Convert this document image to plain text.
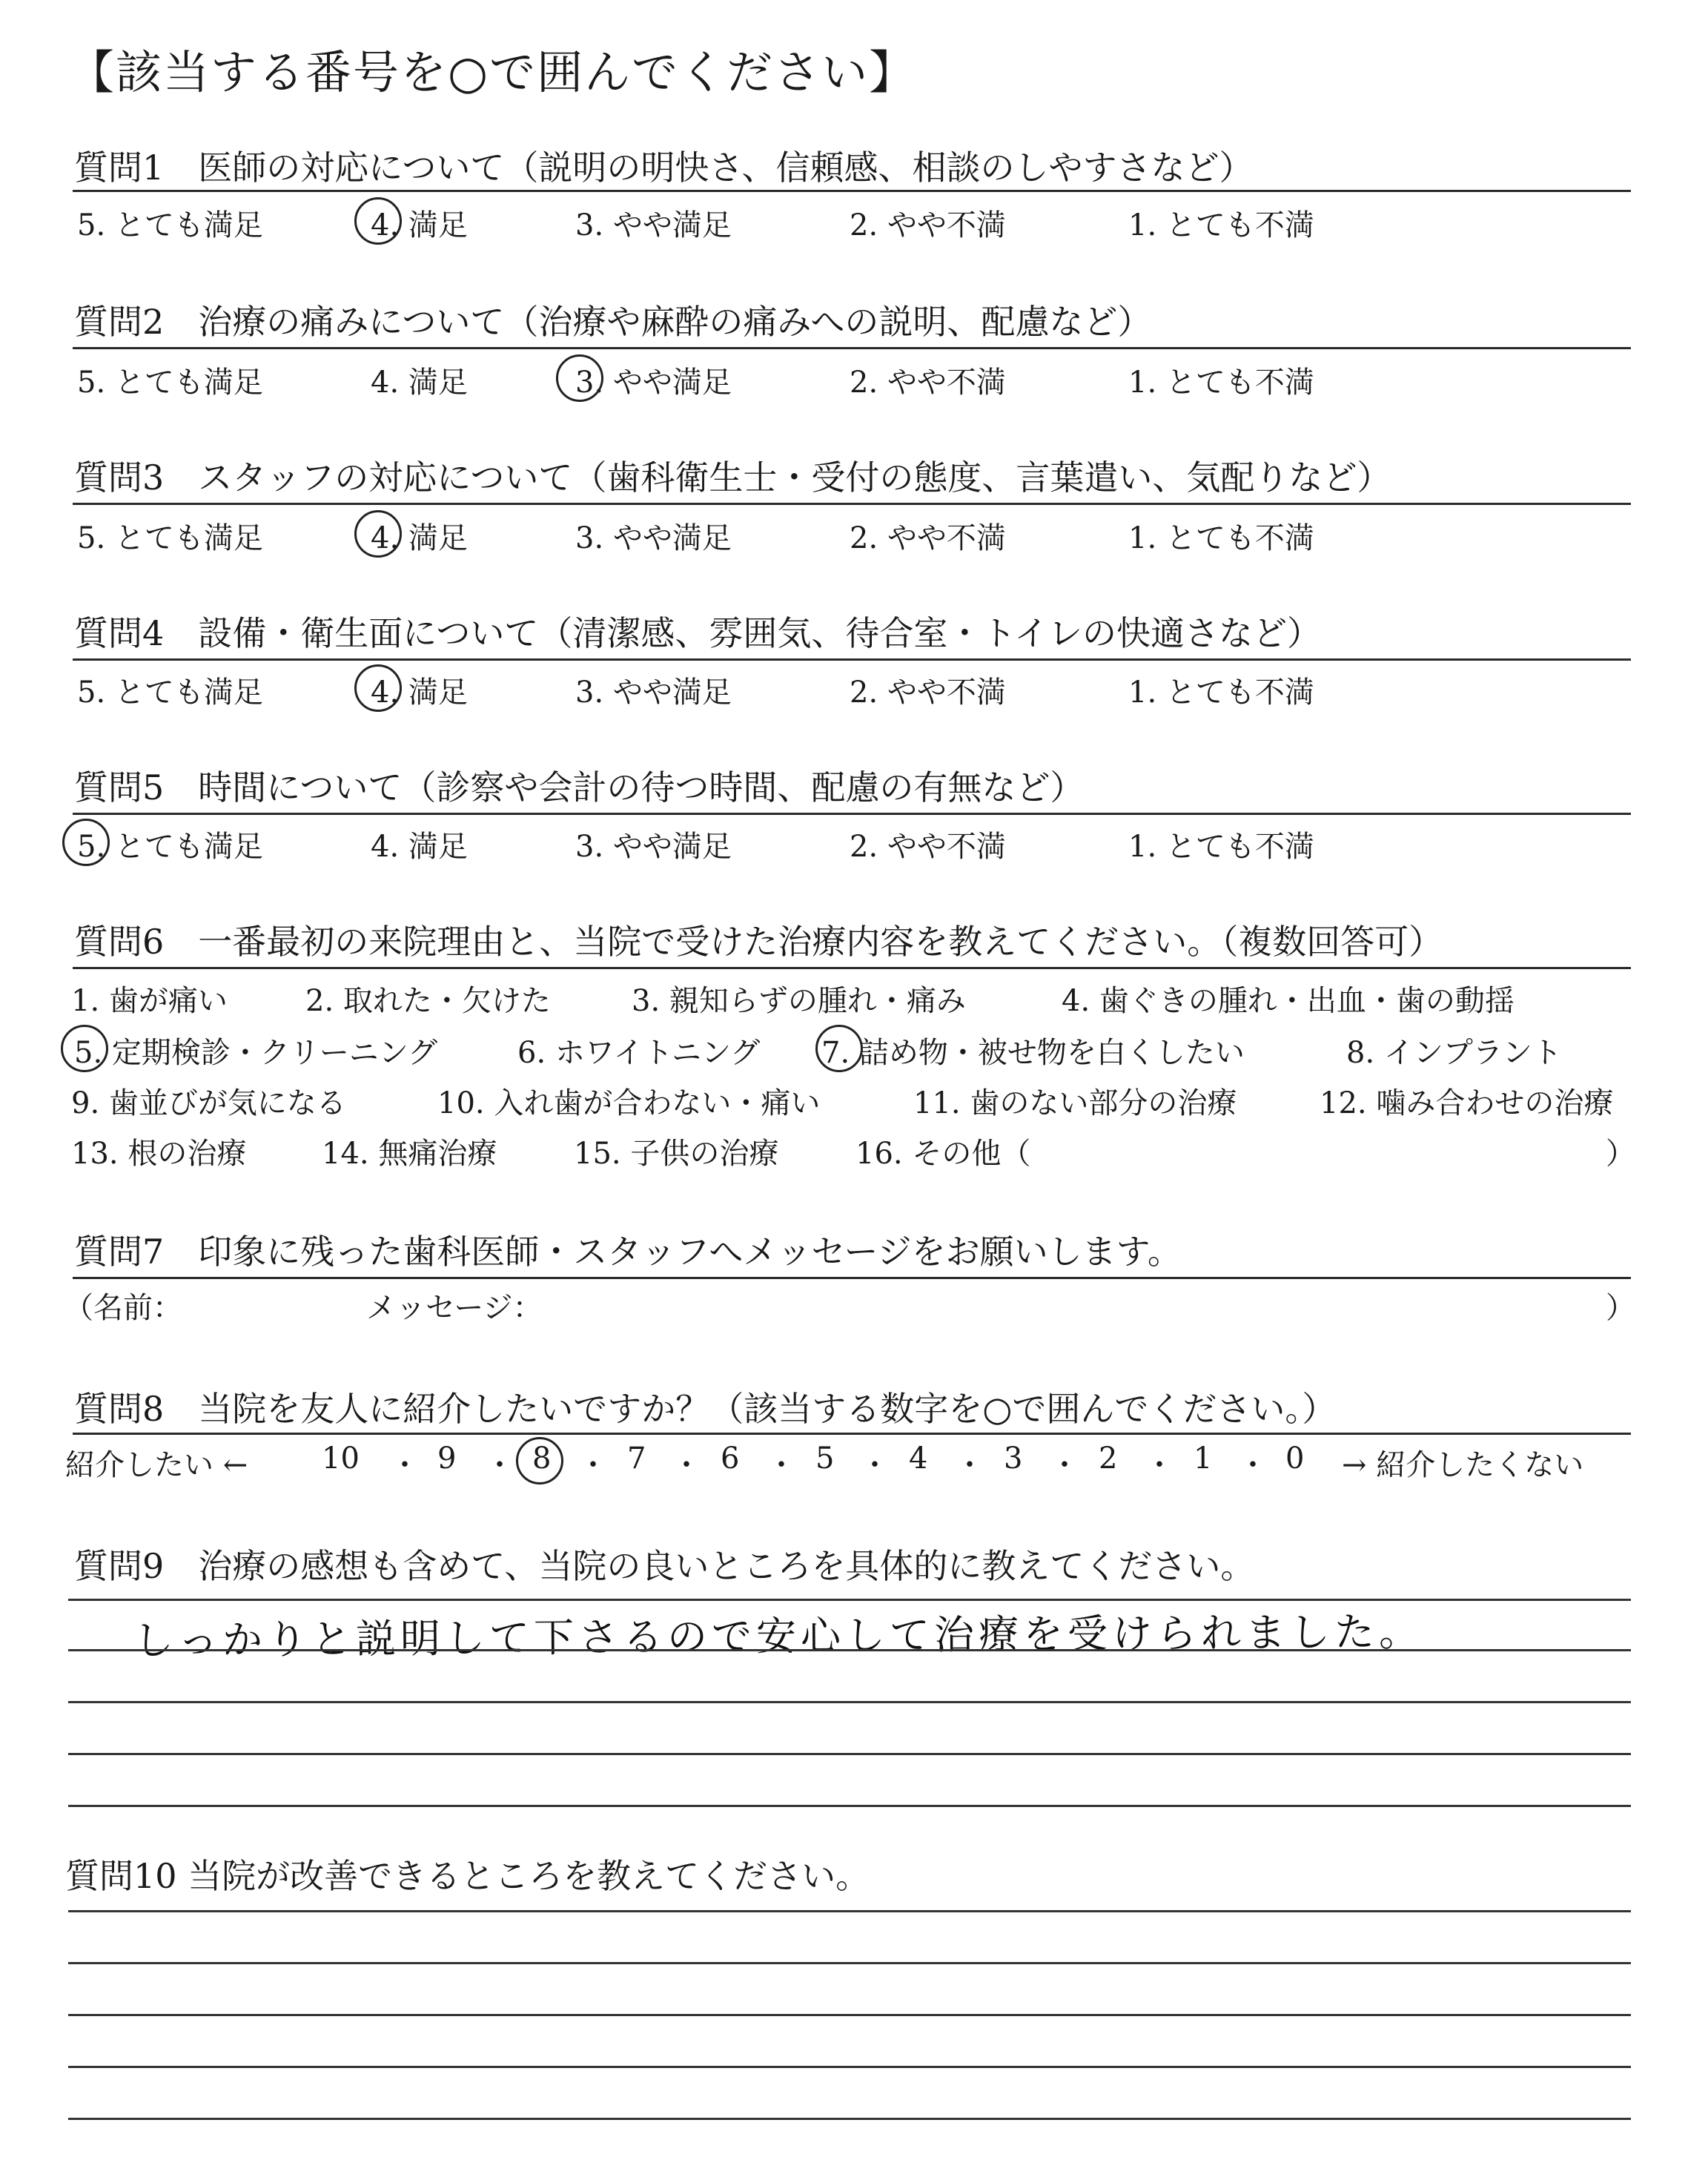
【該当する番号を○で囲んでください】
質問1　医師の対応について（説明の明快さ、信頼感、相談のしやすさなど）
5. とても満足	4. 満足	3. やや満足	2. やや不満	1. とても不満
質問2　治療の痛みについて（治療や麻酔の痛みへの説明、配慮など）
5. とても満足	4. 満足	3. やや満足	2. やや不満	1. とても不満
質問3　スタッフの対応について（歯科衛生士・受付の態度、言葉遣い、気配りなど）
5. とても満足	4. 満足	3. やや満足	2. やや不満	1. とても不満
質問4　設備・衛生面について（清潔感、雰囲気、待合室・トイレの快適さなど）
5. とても満足	4. 満足	3. やや満足	2. やや不満	1. とても不満
質問5　時間について（診察や会計の待つ時間、配慮の有無など）
5. とても満足	4. 満足	3. やや満足	2. やや不満	1. とても不満
質問6　一番最初の来院理由と、当院で受けた治療内容を教えてください。（複数回答可）
1. 歯が痛い	2. 取れた・欠けた	3. 親知らずの腫れ・痛み	4. 歯ぐきの腫れ・出血・歯の動揺
5. 定期検診・クリーニング	6. ホワイトニング 7. 詰め物・被せ物を白くしたい	8. インプラント
9. 歯並びが気になる	10. 入れ歯が合わない・痛い	11. 歯のない部分の治療	12. 噛み合わせの治療
13. 根の治療	14. 無痛治療	15. 子供の治療	16. その他（	）
質問7　印象に残った歯科医師・スタッフへメッセージをお願いします。
（名前：	メッセージ：	）
質問8　当院を友人に紹介したいですか？（該当する数字を○で囲んでください。）
紹介したい ←	→ 紹介したくない
10	9	8	7	6	5	4	3	2	1 0
・ ・ ・ ・ ・ ・ ・ ・ ・ ・
質問9　治療の感想も含めて、当院の良いところを具体的に教えてください。
しっかりと説明して下さるので安心して治療を受けられました。
質問10 当院が改善できるところを教えてください。
